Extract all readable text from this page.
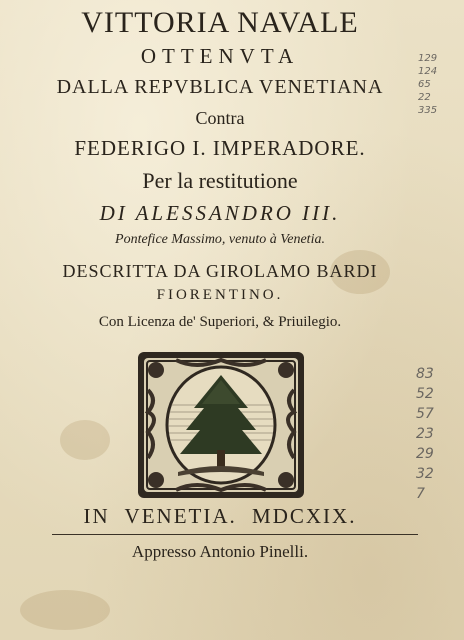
VITTORIA NAVALE
OTTENVTA
DALLA REPVBLICA VENETIANA
Contra
FEDERIGO I. IMPERADORE.
Per la restitutione
DI ALESSANDRO III.
Pontefice Massimo, venuto à Venetia.
DESCRITTA DA GIROLAMO BARDI
FIORENTINO.
Con Licenza de' Superiori, & Priuilegio.
IN VENETIA. MDCXIX.
Appresso Antonio Pinelli.
129
124
65
22
335
83
52
57
23
29
32
7
